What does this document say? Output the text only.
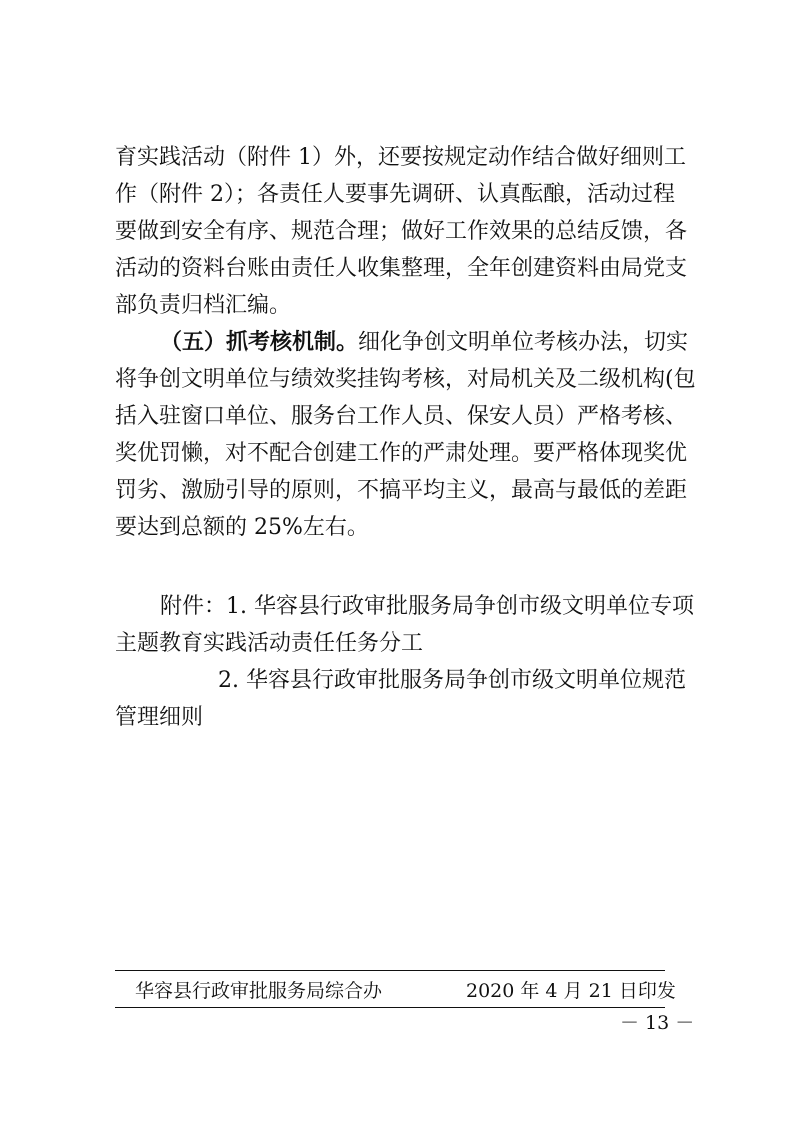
育实践活动（附件 1）外，还要按规定动作结合做好细则工
作（附件 2）；各责任人要事先调研、认真酝酿，活动过程
要做到安全有序、规范合理；做好工作效果的总结反馈，各
活动的资料台账由责任人收集整理，全年创建资料由局党支
部负责归档汇编。
（五）抓考核机制。细化争创文明单位考核办法，切实
将争创文明单位与绩效奖挂钩考核，对局机关及二级机构(包
括入驻窗口单位、服务台工作人员、保安人员）严格考核、
奖优罚懒，对不配合创建工作的严肃处理。要严格体现奖优
罚劣、激励引导的原则，不搞平均主义，最高与最低的差距
要达到总额的 25%左右。
附件：1. 华容县行政审批服务局争创市级文明单位专项
主题教育实践活动责任任务分工
2. 华容县行政审批服务局争创市级文明单位规范
管理细则
华容县行政审批服务局综合办	2020 年 4 月 21 日印发
－ 13 －
